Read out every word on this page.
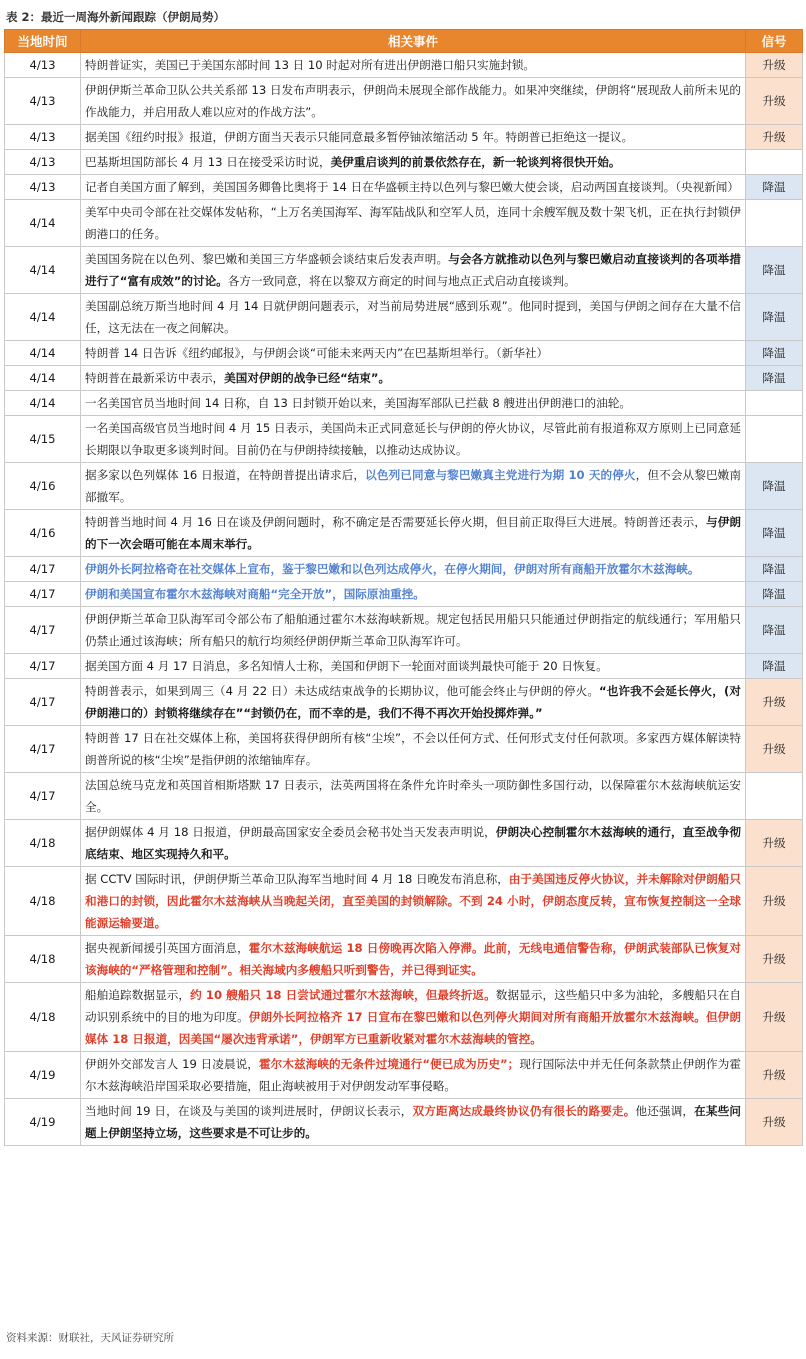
表 2：最近一周海外新闻跟踪（伊朗局势）
当地时间	相关事件	信号
4/13	特朗普证实，美国已于美国东部时间 13 日 10 时起对所有进出伊朗港口船只实施封锁。	升级
4/13	伊朗伊斯兰革命卫队公共关系部 13 日发布声明表示，伊朗尚未展现全部作战能力。如果冲突继续，伊朗将“展现敌人前所未见的作战能力，并启用敌人难以应对的作战方法”。	升级
4/13	据美国《纽约时报》报道，伊朗方面当天表示只能同意最多暂停铀浓缩活动 5 年。特朗普已拒绝这一提议。	升级
4/13	巴基斯坦国防部长 4 月 13 日在接受采访时说，美伊重启谈判的前景依然存在，新一轮谈判将很快开始。	
4/13	记者自美国方面了解到，美国国务卿鲁比奥将于 14 日在华盛顿主持以色列与黎巴嫩大使会谈，启动两国直接谈判。（央视新闻）	降温
4/14	美军中央司令部在社交媒体发帖称，“上万名美国海军、海军陆战队和空军人员，连同十余艘军舰及数十架飞机，正在执行封锁伊朗港口的任务。	
4/14	美国国务院在以色列、黎巴嫩和美国三方华盛顿会谈结束后发表声明。与会各方就推动以色列与黎巴嫩启动直接谈判的各项举措进行了“富有成效”的讨论。各方一致同意，将在以黎双方商定的时间与地点正式启动直接谈判。	降温
4/14	美国副总统万斯当地时间 4 月 14 日就伊朗问题表示，对当前局势进展“感到乐观”。他同时提到，美国与伊朗之间存在大量不信任，这无法在一夜之间解决。	降温
4/14	特朗普 14 日告诉《纽约邮报》，与伊朗会谈“可能未来两天内”在巴基斯坦举行。（新华社）	降温
4/14	特朗普在最新采访中表示，美国对伊朗的战争已经“结束”。	降温
4/14	一名美国官员当地时间 14 日称，自 13 日封锁开始以来，美国海军部队已拦截 8 艘进出伊朗港口的油轮。	
4/15	一名美国高级官员当地时间 4 月 15 日表示，美国尚未正式同意延长与伊朗的停火协议，尽管此前有报道称双方原则上已同意延长期限以争取更多谈判时间。目前仍在与伊朗持续接触，以推动达成协议。	
4/16	据多家以色列媒体 16 日报道，在特朗普提出请求后，以色列已同意与黎巴嫩真主党进行为期 10 天的停火，但不会从黎巴嫩南部撤军。	降温
4/16	特朗普当地时间 4 月 16 日在谈及伊朗问题时，称不确定是否需要延长停火期，但目前正取得巨大进展。特朗普还表示，与伊朗的下一次会晤可能在本周末举行。	降温
4/17	伊朗外长阿拉格奇在社交媒体上宣布，鉴于黎巴嫩和以色列达成停火，在停火期间，伊朗对所有商船开放霍尔木兹海峡。	降温
4/17	伊朗和美国宣布霍尔木兹海峡对商船“完全开放”，国际原油重挫。	降温
4/17	伊朗伊斯兰革命卫队海军司令部公布了船舶通过霍尔木兹海峡新规。规定包括民用船只只能通过伊朗指定的航线通行；军用船只仍禁止通过该海峡；所有船只的航行均须经伊朗伊斯兰革命卫队海军许可。	降温
4/17	据美国方面 4 月 17 日消息，多名知情人士称，美国和伊朗下一轮面对面谈判最快可能于 20 日恢复。	降温
4/17	特朗普表示，如果到周三（4 月 22 日）未达成结束战争的长期协议，他可能会终止与伊朗的停火。“也许我不会延长停火，(对伊朗港口的）封锁将继续存在”“封锁仍在，而不幸的是，我们不得不再次开始投掷炸弹。”	升级
4/17	特朗普 17 日在社交媒体上称，美国将获得伊朗所有核“尘埃”，不会以任何方式、任何形式支付任何款项。多家西方媒体解读特朗普所说的核“尘埃”是指伊朗的浓缩铀库存。	升级
4/17	法国总统马克龙和英国首相斯塔默 17 日表示，法英两国将在条件允许时牵头一项防御性多国行动，以保障霍尔木兹海峡航运安全。	
4/18	据伊朗媒体 4 月 18 日报道，伊朗最高国家安全委员会秘书处当天发表声明说，伊朗决心控制霍尔木兹海峡的通行，直至战争彻底结束、地区实现持久和平。	升级
4/18	据 CCTV 国际时讯，伊朗伊斯兰革命卫队海军当地时间 4 月 18 日晚发布消息称，由于美国违反停火协议，并未解除对伊朗船只和港口的封锁，因此霍尔木兹海峡从当晚起关闭，直至美国的封锁解除。不到 24 小时，伊朗态度反转，宣布恢复控制这一全球能源运输要道。	升级
4/18	据央视新闻援引英国方面消息，霍尔木兹海峡航运 18 日傍晚再次陷入停滞。此前，无线电通信警告称，伊朗武装部队已恢复对该海峡的“严格管理和控制”。相关海域内多艘船只听到警告，并已得到证实。	升级
4/18	船舶追踪数据显示，约 10 艘船只 18 日尝试通过霍尔木兹海峡，但最终折返。数据显示，这些船只中多为油轮，多艘船只在自动识别系统中的目的地为印度。伊朗外长阿拉格齐 17 日宣布在黎巴嫩和以色列停火期间对所有商船开放霍尔木兹海峡。但伊朗媒体 18 日报道，因美国“屡次违背承诺”，伊朗军方已重新收紧对霍尔木兹海峡的管控。	升级
4/19	伊朗外交部发言人 19 日凌晨说，霍尔木兹海峡的无条件过境通行“便已成为历史”；现行国际法中并无任何条款禁止伊朗作为霍尔木兹海峡沿岸国采取必要措施，阻止海峡被用于对伊朗发动军事侵略。	升级
4/19	当地时间 19 日，在谈及与美国的谈判进展时，伊朗议长表示，双方距离达成最终协议仍有很长的路要走。他还强调，在某些问题上伊朗坚持立场，这些要求是不可让步的。	升级
资料来源：财联社，天风证券研究所
